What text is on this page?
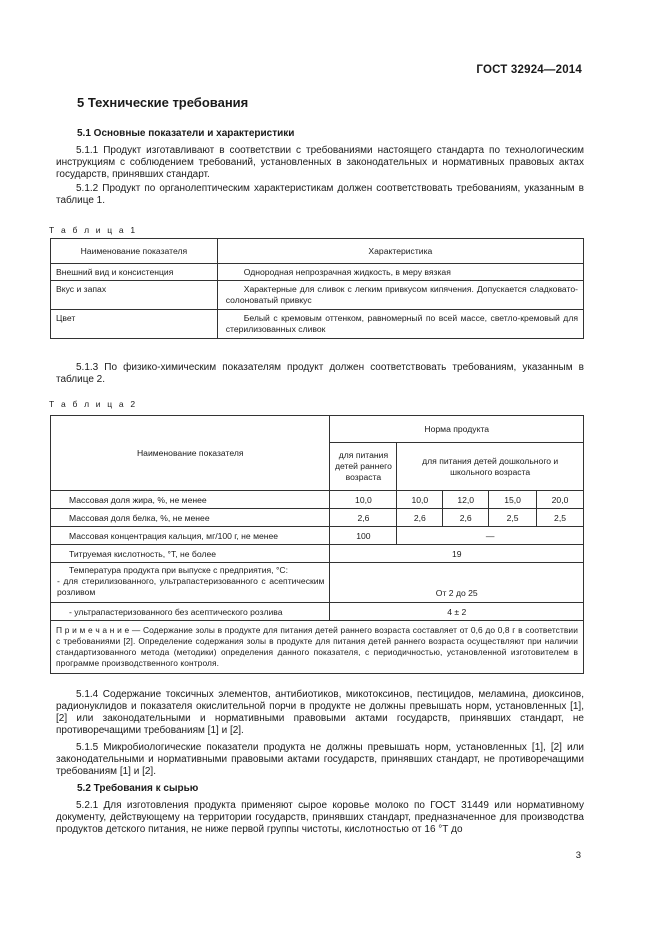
ГОСТ 32924—2014
5 Технические требования
5.1 Основные показатели и характеристики
5.1.1 Продукт изготавливают в соответствии с требованиями настоящего стандарта по технологическим инструкциям с соблюдением требований, установленных в законодательных и нормативных правовых актах государств, принявших стандарт.
5.1.2 Продукт по органолептическим характеристикам должен соответствовать требованиям, указанным в таблице 1.
Т а б л и ц а 1
Наименование показателя	Характеристика
Внешний вид и консистенция	Однородная непрозрачная жидкость, в меру вязкая
Вкус и запах	Характерные для сливок с легким привкусом кипячения. Допускается сладковато-солоноватый привкус
Цвет	Белый с кремовым оттенком, равномерный по всей массе, светло-кремовый для стерилизованных сливок
5.1.3 По физико-химическим показателям продукт должен соответствовать требованиям, указанным в таблице 2.
Т а б л и ц а 2
Наименование показателя	Норма продукта				
	для питания детей раннего возраста	для питания детей дошкольного и школьного возраста			
Массовая доля жира, %, не менее	10,0	10,0	12,0	15,0	20,0
Массовая доля белка, %, не менее	2,6	2,6	2,6	2,5	2,5
Массовая концентрация кальция, мг/100 г, не менее	100	—			
Титруемая кислотность, °Т, не более	19				

Температура продукта при выпуске с предприятия, °С:
- для стерилизованного, ультрапастеризованного с асептическим розливом	От 2 до 25				
- ультрапастеризованного без асептического розлива	4 ± 2				
П р и м е ч а н и е — Содержание золы в продукте для питания детей раннего возраста составляет от 0,6 до 0,8 г в соответствии с требованиями [2]. Определение содержания золы в продукте для питания детей раннего возраста осуществляют при наличии стандартизованного метода (методики) определения данного показателя, с периодичностью, установленной изготовителем в программе производственного контроля.					
5.1.4 Содержание токсичных элементов, антибиотиков, микотоксинов, пестицидов, меламина, диоксинов, радионуклидов и показателя окислительной порчи в продукте не должны превышать норм, установленных [1], [2] или законодательными и нормативными правовыми актами государств, принявших стандарт, не противоречащими требованиям [1] и [2].
5.1.5 Микробиологические показатели продукта не должны превышать норм, установленных [1], [2] или законодательными и нормативными правовыми актами государств, принявших стандарт, не противоречащими требованиям [1] и [2].
5.2 Требования к сырью
5.2.1 Для изготовления продукта применяют сырое коровье молоко по ГОСТ 31449 или нормативному документу, действующему на территории государств, принявших стандарт, предназначенное для производства продуктов детского питания, не ниже первой группы чистоты, кислотностью от 16 °Т до
3
